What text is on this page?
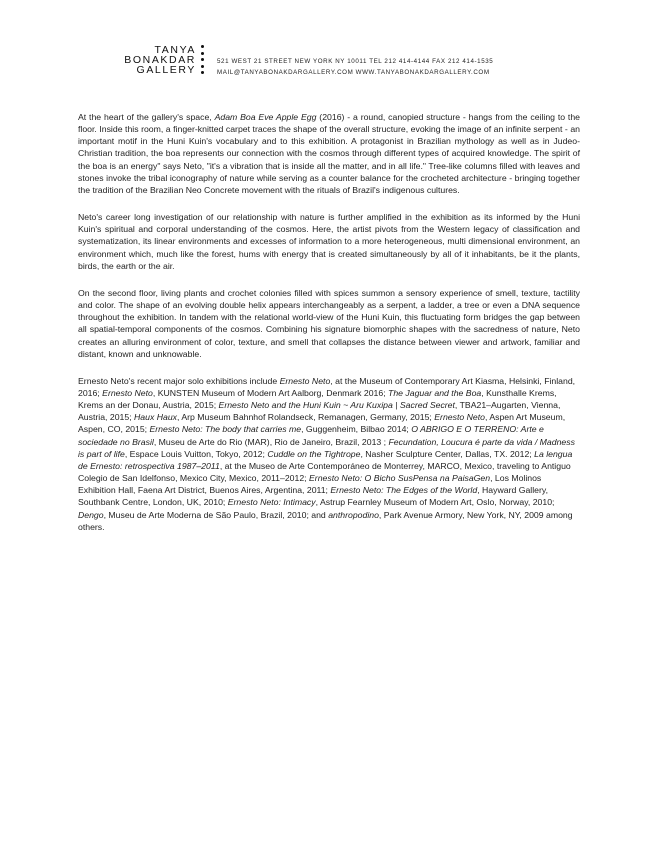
TANYA
BONAKDAR
GALLERY
521 WEST 21 STREET NEW YORK NY 10011 TEL 212 414-4144 FAX 212 414-1535
MAIL@TANYABONAKDARGALLERY.COM WWW.TANYABONAKDARGALLERY.COM

At the heart of the gallery's space, Adam Boa Eve Apple Egg (2016) - a round, canopied structure - hangs from the ceiling to the floor. Inside this room, a finger-knitted carpet traces the shape of the overall structure, evoking the image of an infinite serpent - an important motif in the Huni Kuin's vocabulary and to this exhibition. A protagonist in Brazilian mythology as well as in Judeo-Christian tradition, the boa represents our connection with the cosmos through different types of acquired knowledge. The spirit of the boa is an energy" says Neto, "it's a vibration that is inside all the matter, and in all life." Tree-like columns filled with leaves and stones invoke the tribal iconography of nature while serving as a counter balance for the crocheted architecture - bringing together the tradition of the Brazilian Neo Concrete movement with the rituals of Brazil's indigenous cultures.

Neto's career long investigation of our relationship with nature is further amplified in the exhibition as its informed by the Huni Kuin's spiritual and corporal understanding of the cosmos. Here, the artist pivots from the Western legacy of classification and systematization, its linear environments and excesses of information to a more heterogeneous, multi dimensional environment, an environment which, much like the forest, hums with energy that is created simultaneously by all of it inhabitants, be it the plants, birds, the earth or the air.

On the second floor, living plants and crochet colonies filled with spices summon a sensory experience of smell, texture, tactility and color. The shape of an evolving double helix appears interchangeably as a serpent, a ladder, a tree or even a DNA sequence throughout the exhibition. In tandem with the relational world-view of the Huni Kuin, this fluctuating form bridges the gap between all spatial-temporal components of the cosmos. Combining his signature biomorphic shapes with the sacredness of nature, Neto creates an alluring environment of color, texture, and smell that collapses the distance between viewer and artwork, familiar and distant, known and unknowable.

Ernesto Neto's recent major solo exhibitions include Ernesto Neto, at the Museum of Contemporary Art Kiasma, Helsinki, Finland, 2016; Ernesto Neto, KUNSTEN Museum of Modern Art Aalborg, Denmark 2016; The Jaguar and the Boa, Kunsthalle Krems, Krems an der Donau, Austria, 2015; Ernesto Neto and the Huni Kuin ~ Aru Kuxipa | Sacred Secret, TBA21–Augarten, Vienna, Austria, 2015; Haux Haux, Arp Museum Bahnhof Rolandseck, Remanagen, Germany, 2015; Ernesto Neto, Aspen Art Museum, Aspen, CO, 2015; Ernesto Neto: The body that carries me, Guggenheim, Bilbao 2014; O ABRIGO E O TERRENO: Arte e sociedade no Brasil, Museu de Arte do Rio (MAR), Rio de Janeiro, Brazil, 2013 ; Fecundation, Loucura é parte da vida / Madness is part of life, Espace Louis Vuitton, Tokyo, 2012; Cuddle on the Tightrope, Nasher Sculpture Center, Dallas, TX. 2012; La lengua de Ernesto: retrospectiva 1987–2011, at the Museo de Arte Contemporáneo de Monterrey, MARCO, Mexico, traveling to Antiguo Colegio de San Idelfonso, Mexico City, Mexico, 2011–2012; Ernesto Neto: O Bicho SusPensa na PaisaGen, Los Molinos Exhibition Hall, Faena Art District, Buenos Aires, Argentina, 2011; Ernesto Neto: The Edges of the World, Hayward Gallery, Southbank Centre, London, UK, 2010; Ernesto Neto: Intimacy, Astrup Fearnley Museum of Modern Art, Oslo, Norway, 2010; Dengo, Museu de Arte Moderna de São Paulo, Brazil, 2010; and anthropodino, Park Avenue Armory, New York, NY, 2009 among others.
